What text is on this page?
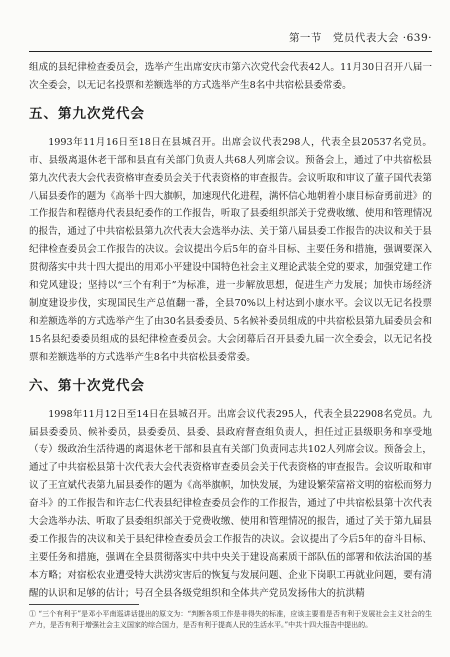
第一节　党员代表大会 ·639·

组成的县纪律检查委员会，选举产生出席安庆市第六次党代会代表42人。11月30日召开八届一次全委会，以无记名投票和差额选举的方式选举产生8名中共宿松县委常委。

五、第九次党代会

1993年11月16日至18日在县城召开。出席会议代表298人，代表全县20537名党员。市、县级离退休老干部和县直有关部门负责人共68人列席会议。预备会上，通过了中共宿松县第九次代表大会代表资格审查委员会关于代表资格的审查报告。会议听取和审议了董子国代表第八届县委作的题为《高举十四大旗帜，加速现代化进程，满怀信心地朝着小康目标奋勇前进》的工作报告和程德舟代表县纪委作的工作报告，听取了县委组织部关于党费收缴、使用和管理情况的报告，通过了中共宿松县第九次代表大会选举办法、关于第八届县委工作报告的决议和关于县纪律检查委员会工作报告的决议。会议提出今后5年的奋斗目标、主要任务和措施，强调要深入贯彻落实中共十四大提出的用邓小平建设中国特色社会主义理论武装全党的要求，加强党建工作和党风建设；坚持以“三个有利于”为标准，进一步解放思想，促进生产力发展；加快市场经济制度建设步伐，实现国民生产总值翻一番，全县70%以上村达到小康水平。会议以无记名投票和差额选举的方式选举产生了由30名县委委员、5名候补委员组成的中共宿松县第九届委员会和15名县纪委委员组成的县纪律检查委员会。大会闭幕后召开县委九届一次全委会，以无记名投票和差额选举的方式选举产生8名中共宿松县委常委。

六、第十次党代会

1998年11月12日至14日在县城召开。出席会议代表295人，代表全县22908名党员。九届县委委员、候补委员，县委委员、县委、县政府督查组负责人，担任过正县级职务和享受地（专）级政治生活待遇的离退休老干部和县直有关部门负责同志共102人列席会议。预备会上，通过了中共宿松县第十次代表大会代表资格审查委员会关于代表资格的审查报告。会议听取和审议了王宣斌代表第九届县委作的题为《高举旗帜，加快发展，为建设繁荣富裕文明的宿松而努力奋斗》的工作报告和许志仁代表县纪律检查委员会作的工作报告，通过了中共宿松县第十次代表大会选举办法、听取了县委组织部关于党费收缴、使用和管理情况的报告，通过了关于第九届县委工作报告的决议和关于县纪律检查委员会工作报告的决议。会议提出了今后5年的奋斗目标、主要任务和措施，强调在全县贯彻落实中共中央关于建设高素质干部队伍的部署和依法治国的基本方略；对宿松农业遭受特大洪涝灾害后的恢复与发展问题、企业下岗职工再就业问题，要有清醒的认识和足够的估计；号召全县各级党组织和全体共产党员发扬伟大的抗洪精

① “三个有利于”是邓小平南巡讲话提出的原文为：“判断各项工作是非得失的标准，应该主要看是否有利于发展社会主义社会的生产力，是否有利于增强社会主义国家的综合国力，是否有利于提高人民的生活水平。”中共十四大报告中提出的。
